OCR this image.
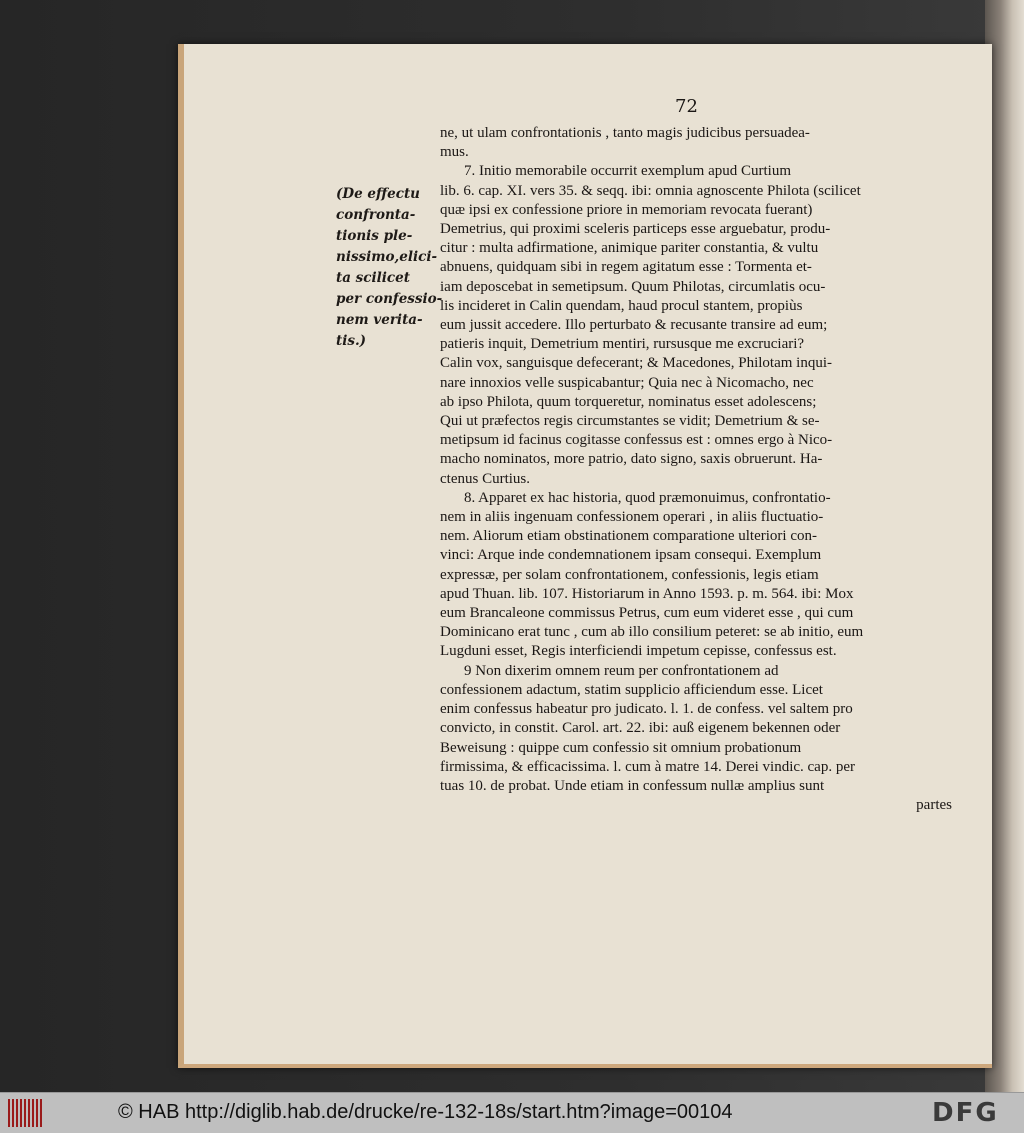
72
(De effectu
confronta-
tionis ple-
nissimo,elici-
ta scilicet
per confessio-
nem verita-
tis.)
ne, ut ulam confrontationis , tanto magis judicibus persuadea-
mus.
7. Initio memorabile occurrit exemplum apud Curtium
lib. 6. cap. XI. vers 35. & seqq. ibi: omnia agnoscente Philota (scilicet
quæ ipsi ex confessione priore in memoriam revocata fuerant)
Demetrius, qui proximi sceleris particeps esse arguebatur, produ-
citur : multa adfirmatione, animique pariter constantia, & vultu
abnuens, quidquam sibi in regem agitatum esse : Tormenta et-
iam deposcebat in semetipsum. Quum Philotas, circumlatis ocu-
lis incideret in Calin quendam, haud procul stantem, propiùs
eum jussit accedere. Illo perturbato & recusante transire ad eum;
patieris inquit, Demetrium mentiri, rursusque me excruciari?
Calin vox, sanguisque defecerant; & Macedones, Philotam inqui-
nare innoxios velle suspicabantur; Quia nec à Nicomacho, nec
ab ipso Philota, quum torqueretur, nominatus esset adolescens;
Qui ut præfectos regis circumstantes se vidit; Demetrium & se-
metipsum id facinus cogitasse confessus est : omnes ergo à Nico-
macho nominatos, more patrio, dato signo, saxis obruerunt. Ha-
ctenus Curtius.
8. Apparet ex hac historia, quod præmonuimus, confrontatio-
nem in aliis ingenuam confessionem operari , in aliis fluctuatio-
nem. Aliorum etiam obstinationem comparatione ulteriori con-
vinci: Arque inde condemnationem ipsam consequi. Exemplum
expressæ, per solam confrontationem, confessionis, legis etiam
apud Thuan. lib. 107. Historiarum in Anno 1593. p. m. 564. ibi: Mox
eum Brancaleone commissus Petrus, cum eum videret esse , qui cum
Dominicano erat tunc , cum ab illo consilium peteret: se ab initio, eum
Lugduni esset, Regis interficiendi impetum cepisse, confessus est.
9 Non dixerim omnem reum per confrontationem ad
confessionem adactum, statim supplicio afficiendum esse. Licet
enim confessus habeatur pro judicato. l. 1. de confess. vel saltem pro
convicto, in constit. Carol. art. 22. ibi: auß eigenem bekennen oder
Beweisung : quippe cum confessio sit omnium probationum
firmissima, & efficacissima. l. cum à matre 14. Derei vindic. cap. per
tuas 10. de probat. Unde etiam in confessum nullæ amplius sunt
partes
© HAB http://diglib.hab.de/drucke/re-132-18s/start.htm?image=00104	DFG
